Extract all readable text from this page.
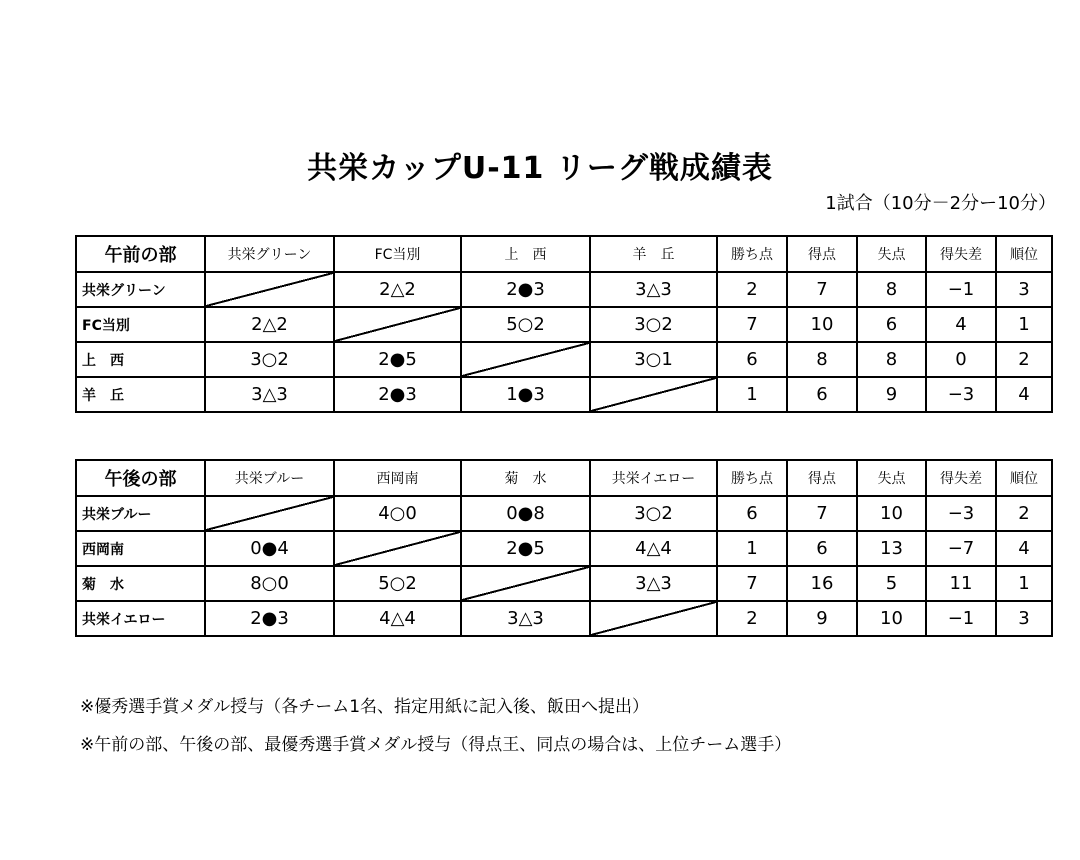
共栄カップU-11 リーグ戦成績表
1試合（10分－2分ー10分）
午前の部	共栄グリーン	FC当別	上　西	羊　丘	勝ち点	得点	失点	得失差	順位
共栄グリーン		2△2	2●3	3△3	2	7	8	−1	3
FC当別	2△2		5○2	3○2	7	10	6	4	1
上　西	3○2	2●5		3○1	6	8	8	0	2
羊　丘	3△3	2●3	1●3		1	6	9	−3	4
午後の部	共栄ブルー	西岡南	菊　水	共栄イエロー	勝ち点	得点	失点	得失差	順位
共栄ブルー		4○0	0●8	3○2	6	7	10	−3	2
西岡南	0●4		2●5	4△4	1	6	13	−7	4
菊　水	8○0	5○2		3△3	7	16	5	11	1
共栄イエロー	2●3	4△4	3△3		2	9	10	−1	3
※優秀選手賞メダル授与（各チーム1名、指定用紙に記入後、飯田へ提出）
※午前の部、午後の部、最優秀選手賞メダル授与（得点王、同点の場合は、上位チーム選手）
